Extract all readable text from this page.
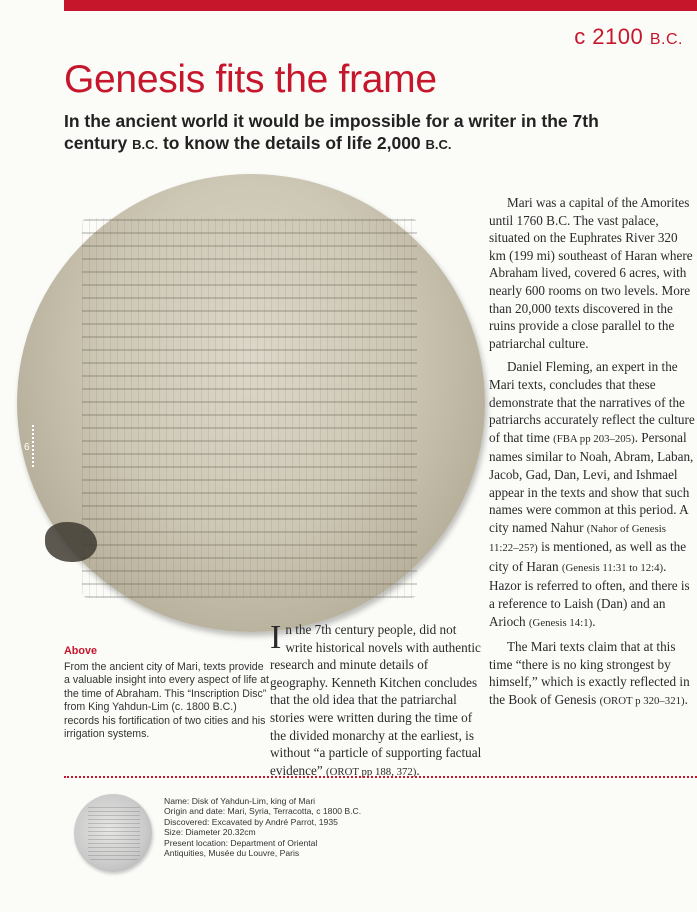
c 2100 B.C.
Genesis fits the frame

In the ancient world it would be impossible for a writer in the 7th century B.C. to know the details of life 2,000 B.C.

6

Mari was a capital of the Amorites until 1760 B.C. The vast palace, situated on the Euphrates River 320 km (199 mi) southeast of Haran where Abraham lived, covered 6 acres, with nearly 600 rooms on two levels. More than 20,000 texts discovered in the ruins provide a close parallel to the patriarchal culture.

Daniel Fleming, an expert in the Mari texts, concludes that these demonstrate that the narratives of the patriarchs accurately reflect the culture of that time (FBA pp 203–205). Personal names similar to Noah, Abram, Laban, Jacob, Gad, Dan, Levi, and Ishmael appear in the texts and show that such names were common at this period. A city named Nahur (Nahor of Genesis 11:22–25?) is mentioned, as well as the city of Haran (Genesis 11:31 to 12:4). Hazor is referred to often, and there is a reference to Laish (Dan) and an Arioch (Genesis 14:1).

The Mari texts claim that at this time “there is no king strongest by himself,” which is exactly reflected in the Book of Genesis (OROT p 320–321).

In the 7th century people, did not write historical novels with authentic research and minute details of geography. Kenneth Kitchen concludes that the old idea that the patriarchal stories were written during the time of the divided monarchy at the earliest, is without “a particle of supporting factual evidence” (OROT pp 188, 372).

Above

From the ancient city of Mari, texts provide a valuable insight into every aspect of life at the time of Abraham. This “Inscription Disc” from King Yahdun-Lim (c. 1800 B.C.) records his fortification of two cities and his irrigation systems.

Name: Disk of Yahdun-Lim, king of Mari
Origin and date: Mari, Syria, Terracotta, c 1800 B.C.
Discovered: Excavated by André Parrot, 1935
Size: Diameter 20.32cm
Present location: Department of Oriental
Antiquities, Musée du Louvre, Paris
